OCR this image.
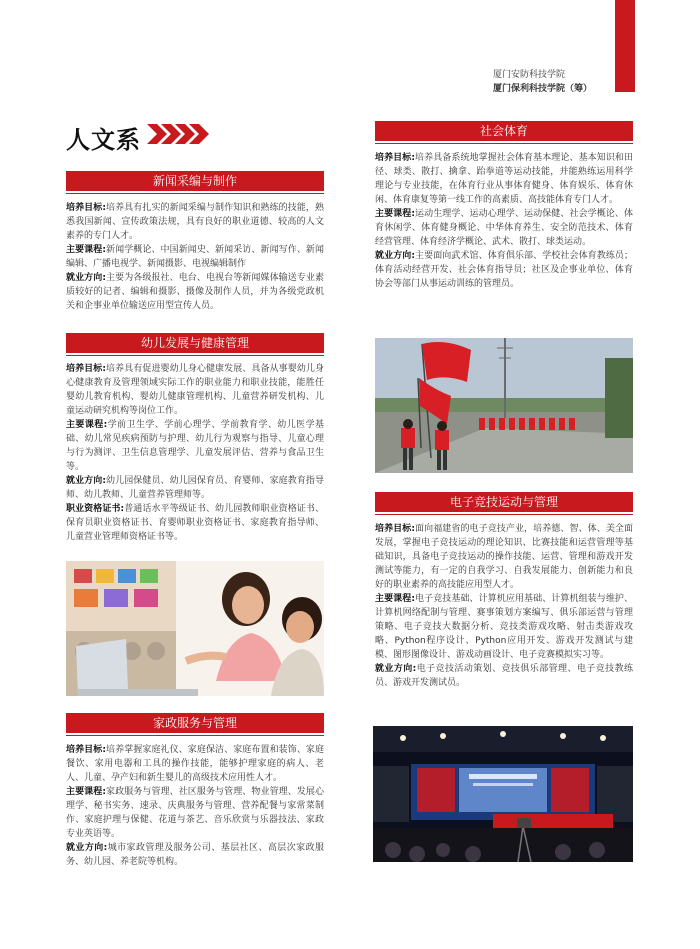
厦门安防科技学院
厦门保利科技学院（筹）
人文系
新闻采编与制作

培养目标:培养具有扎实的新闻采编与制作知识和熟练的技能，熟悉我国新闻、宣传政策法规，具有良好的职业道德、较高的人文素养的专门人才。

主要课程:新闻学概论、中国新闻史、新闻采访、新闻写作、新闻编辑、广播电视学、新闻摄影、电视编辑制作

就业方向:主要为各级报社、电台、电视台等新闻媒体输送专业素质较好的记者、编辑和摄影、摄像及制作人员，并为各级党政机关和企事业单位输送应用型宣传人员。

幼儿发展与健康管理

培养目标:培养具有促进婴幼儿身心健康发展、具备从事婴幼儿身心健康教育及管理领域实际工作的职业能力和职业技能，能胜任婴幼儿教育机构、婴幼儿健康管理机构、儿童营养研发机构、儿童运动研究机构等岗位工作。

主要课程:学前卫生学、学前心理学、学前教育学、幼儿医学基础、幼儿常见疾病预防与护理、幼儿行为观察与指导、儿童心理与行为测评、卫生信息管理学、儿童发展评估、营养与食品卫生等。

就业方向:幼儿园保健员、幼儿园保育员、育婴师、家庭教育指导师、幼儿教师、儿童营养管理师等。

职业资格证书:普通话水平等级证书、幼儿园教师职业资格证书、保育员职业资格证书、育婴师职业资格证书、家庭教育指导师、儿童营业管理师资格证书等。

家政服务与管理

培养目标:培养掌握家庭礼仪、家庭保洁、家庭布置和装饰、家庭餐饮、家用电器和工具的操作技能，能够护理家庭的病人、老人、儿童、孕产妇和新生婴儿的高级技术应用性人才。

主要课程:家政服务与管理、社区服务与管理、物业管理、发展心理学、秘书实务、速录、庆典服务与管理、营养配餐与家常菜制作、家庭护理与保健、花道与茶艺、音乐欣赏与乐器技法、家政专业英语等。

就业方向:城市家政管理及服务公司、基层社区、高层次家政服务、幼儿园、养老院等机构。

社会体育

培养目标:培养具备系统地掌握社会体育基本理论、基本知识和田径、球类、散打、擒拿、跆拳道等运动技能，并能熟练运用科学理论与专业技能，在体育行业从事体育健身、体育娱乐、体育休闲、体育康复等第一线工作的高素质、高技能体育专门人才。

主要课程:运动生理学、运动心理学、运动保健、社会学概论、体育休闲学、体育健身概论、中华体育养生、安全防范技术、体育经营管理、体育经济学概论、武术、散打、球类运动。

就业方向:主要面向武术馆、体育俱乐部、学校社会体育教练员；体育活动经营开发、社会体育指导员；社区及企事业单位、体育协会等部门从事运动训练的管理员。

电子竞技运动与管理

培养目标:面向福建省的电子竞技产业，培养德、智、体、美全面发展，掌握电子竞技运动的理论知识、比赛技能和运营管理等基础知识，具备电子竞技运动的操作技能、运营、管理和游戏开发测试等能力，有一定的自我学习、自我发展能力、创新能力和良好的职业素养的高技能应用型人才。

主要课程:电子竞技基础、计算机应用基础、计算机组装与维护、计算机网络配制与管理、赛事策划方案编写、俱乐部运营与管理策略、电子竞技大数据分析、竞技类游戏攻略、射击类游戏攻略、Python程序设计、Python应用开发、游戏开发测试与建模、图形图像设计、游戏动画设计、电子竞赛模拟实习等。

就业方向:电子竞技活动策划、竞技俱乐部管理、电子竞技教练员、游戏开发测试员。
